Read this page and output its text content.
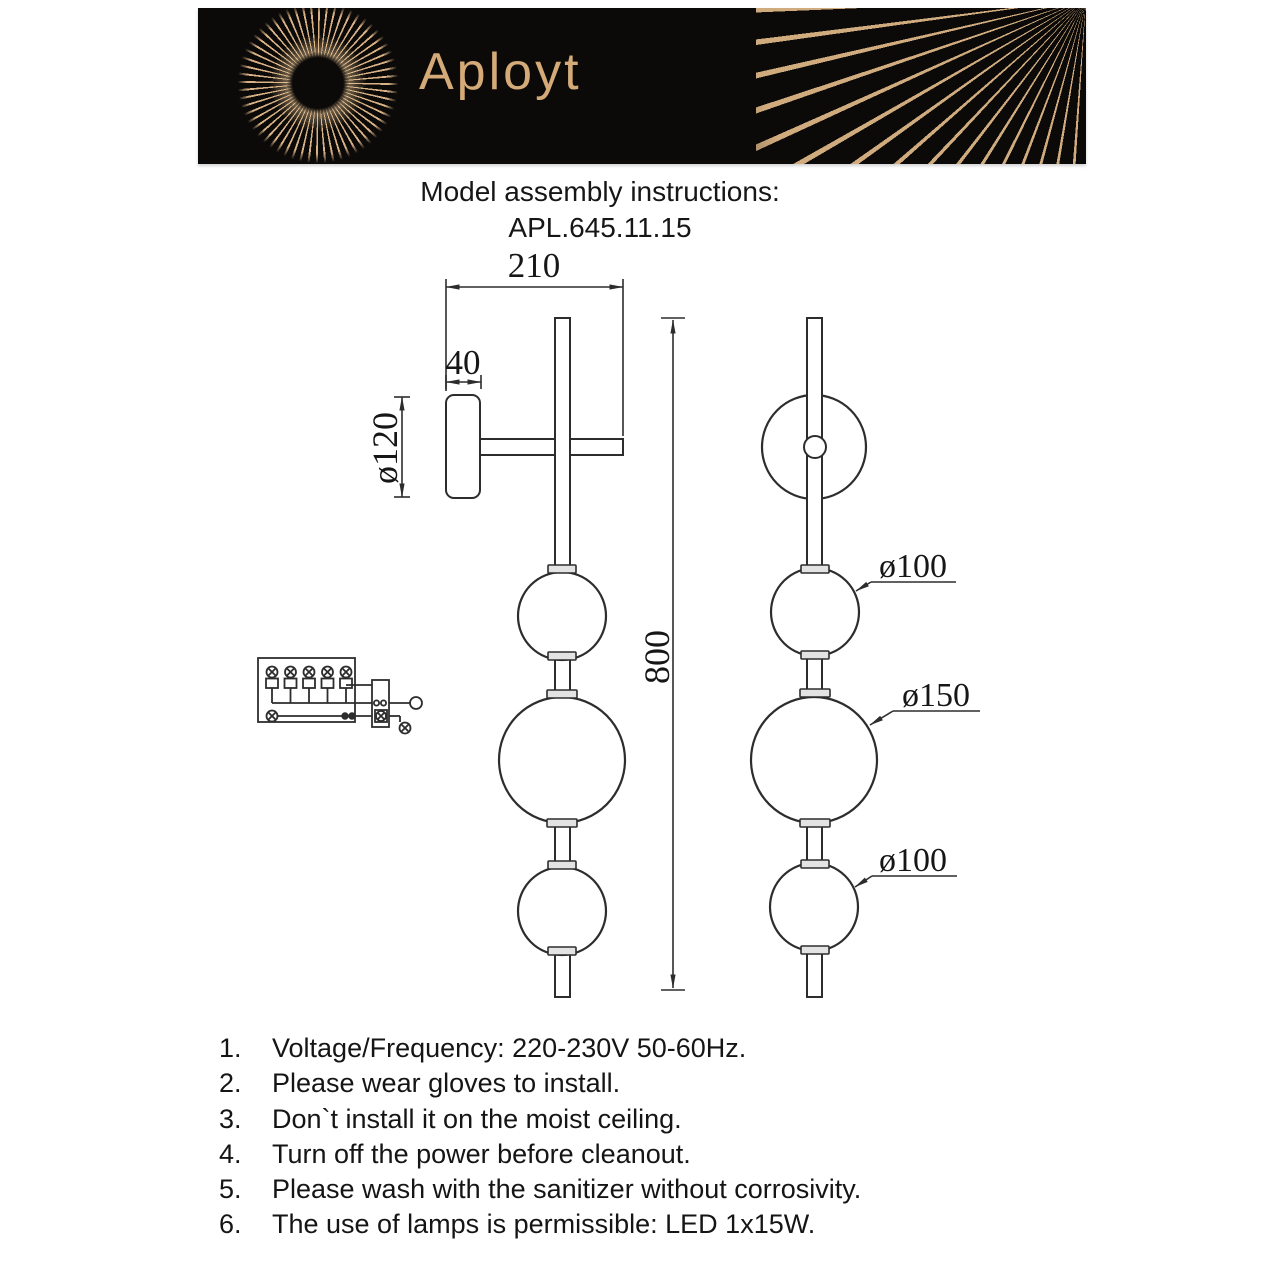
Aployt
Model assembly instructions:
APL.645.11.15
210
40
ø120
800
ø100
ø150
ø100
1.	Voltage/Frequency: 220-230V 50-60Hz.
2.	Please wear gloves to install.
3.	Don`t install it on the moist ceiling.
4.	Turn off the power before cleanout.
5.	Please wash with the sanitizer without corrosivity.
6.	The use of lamps is permissible: LED 1x15W.
